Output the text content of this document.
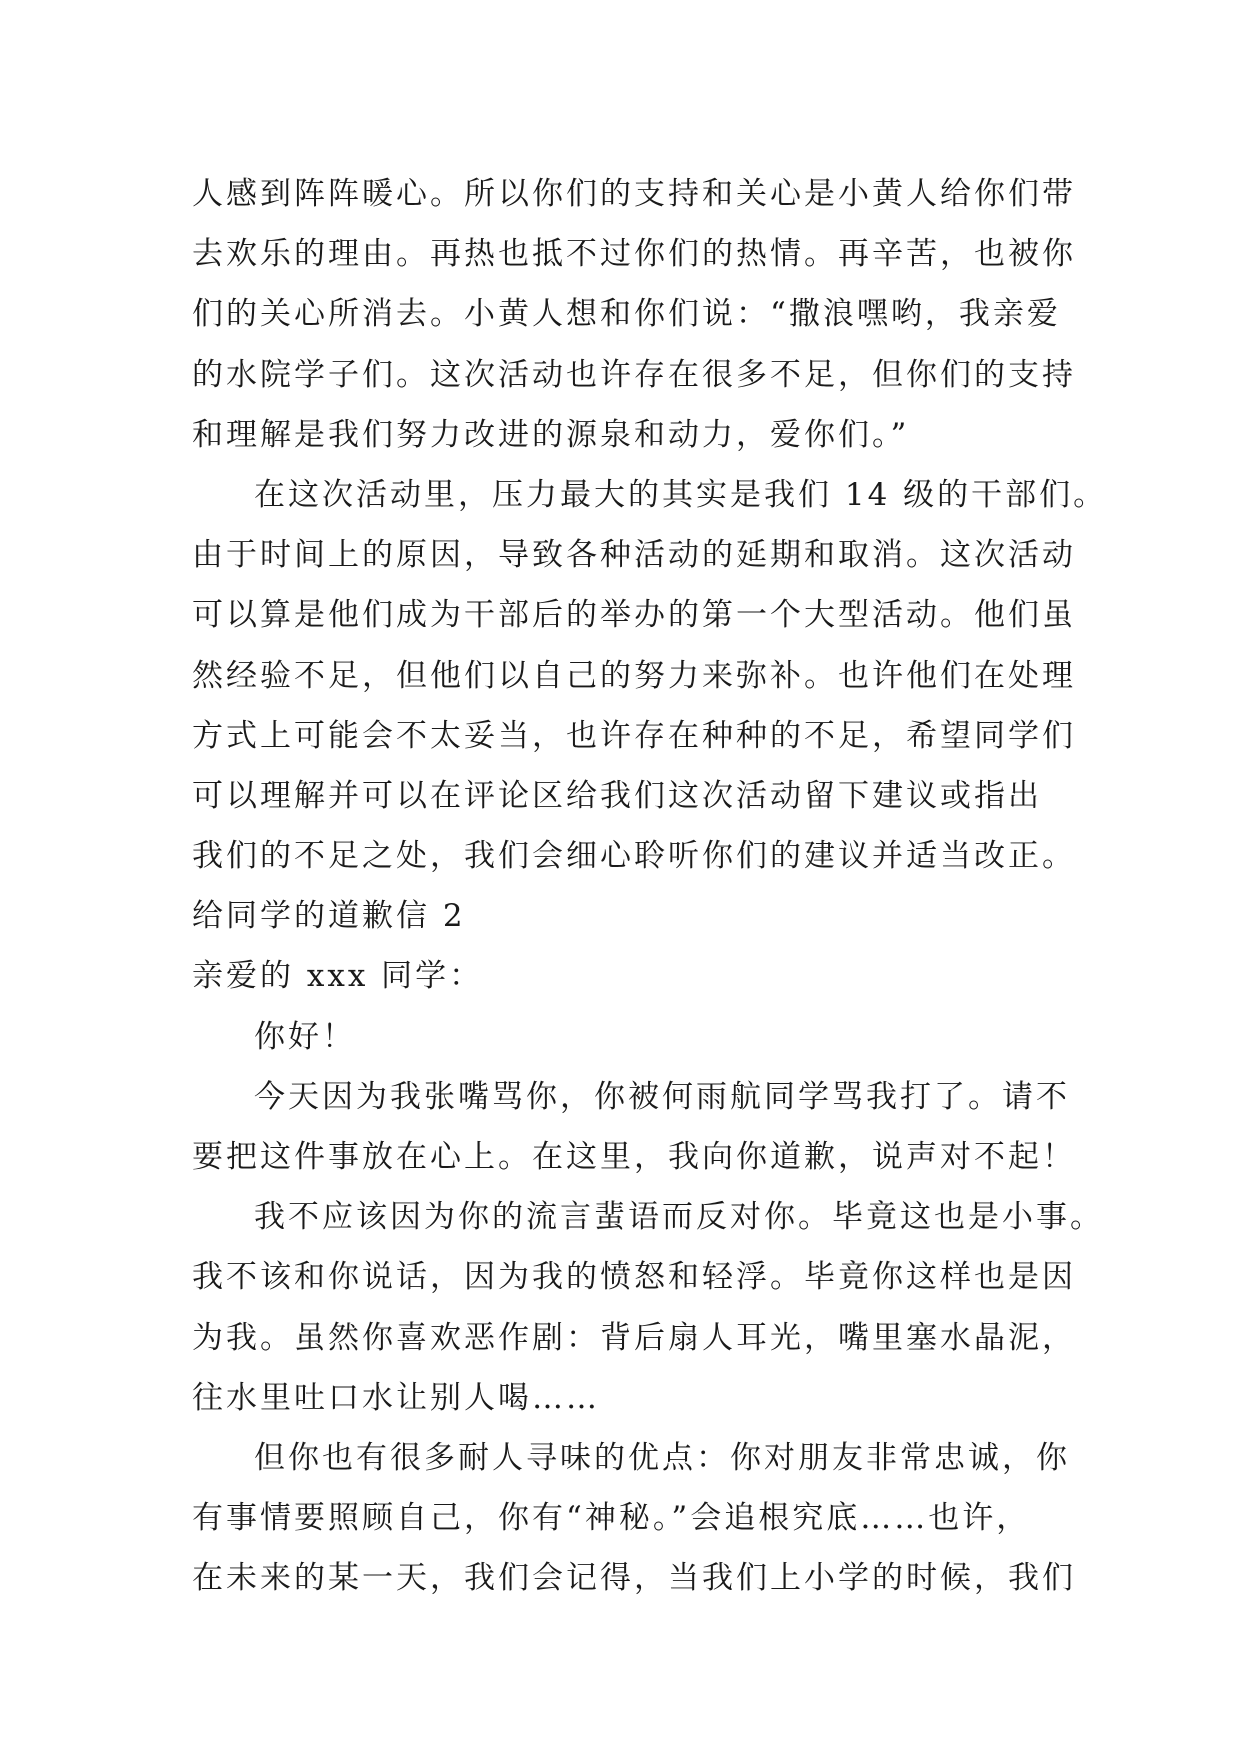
人感到阵阵暖心。所以你们的支持和关心是小黄人给你们带
去欢乐的理由。再热也抵不过你们的热情。再辛苦，也被你
们的关心所消去。小黄人想和你们说：“撒浪嘿哟，我亲爱
的水院学子们。这次活动也许存在很多不足，但你们的支持
和理解是我们努力改进的源泉和动力，爱你们。”
在这次活动里，压力最大的其实是我们 14 级的干部们。
由于时间上的原因，导致各种活动的延期和取消。这次活动
可以算是他们成为干部后的举办的第一个大型活动。他们虽
然经验不足，但他们以自己的努力来弥补。也许他们在处理
方式上可能会不太妥当，也许存在种种的不足，希望同学们
可以理解并可以在评论区给我们这次活动留下建议或指出
我们的不足之处，我们会细心聆听你们的建议并适当改正。
给同学的道歉信 2
亲爱的 xxx 同学：
你好！
今天因为我张嘴骂你，你被何雨航同学骂我打了。请不
要把这件事放在心上。在这里，我向你道歉，说声对不起！
我不应该因为你的流言蜚语而反对你。毕竟这也是小事。
我不该和你说话，因为我的愤怒和轻浮。毕竟你这样也是因
为我。虽然你喜欢恶作剧：背后扇人耳光，嘴里塞水晶泥，
往水里吐口水让别人喝……
但你也有很多耐人寻味的优点：你对朋友非常忠诚，你
有事情要照顾自己，你有“神秘。”会追根究底……也许，
在未来的某一天，我们会记得，当我们上小学的时候，我们
